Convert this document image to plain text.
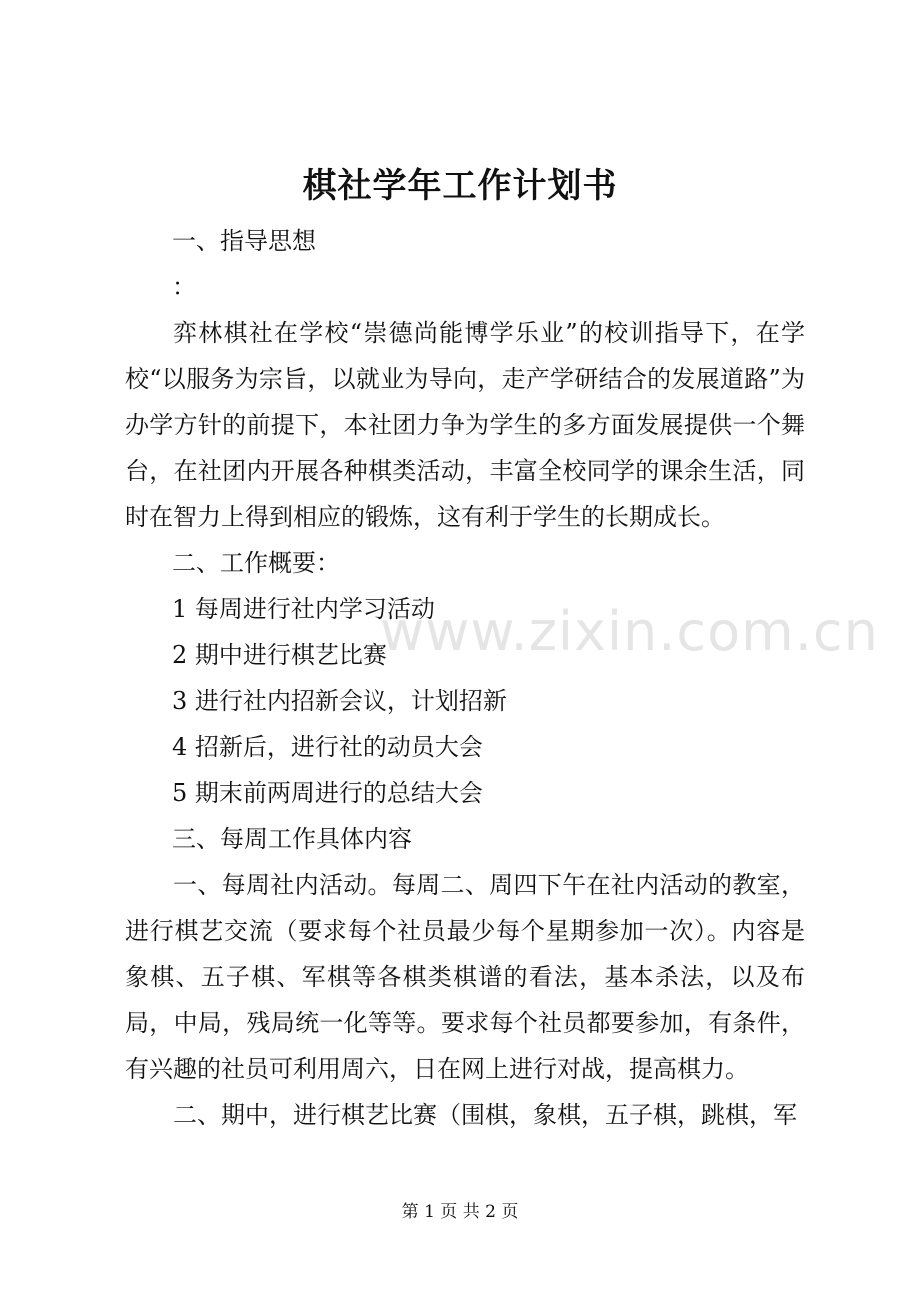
棋社学年工作计划书
一、指导思想
：

弈林棋社在学校“崇德尚能博学乐业”的校训指导下，在学校“以服务为宗旨，以就业为导向，走产学研结合的发展道路”为办学方针的前提下，本社团力争为学生的多方面发展提供一个舞台，在社团内开展各种棋类活动，丰富全校同学的课余生活，同时在智力上得到相应的锻炼，这有利于学生的长期成长。

二、工作概要：
1 每周进行社内学习活动
2 期中进行棋艺比赛
3 进行社内招新会议，计划招新
4 招新后，进行社的动员大会
5 期末前两周进行的总结大会
三、每周工作具体内容

一、每周社内活动。每周二、周四下午在社内活动的教室，进行棋艺交流（要求每个社员最少每个星期参加一次）。内容是象棋、五子棋、军棋等各棋类棋谱的看法，基本杀法，以及布局，中局，残局统一化等等。要求每个社员都要参加，有条件，有兴趣的社员可利用周六，日在网上进行对战，提高棋力。

二、期中，进行棋艺比赛（围棋，象棋，五子棋，跳棋，军

www.zixin.com.cn
第 1 页 共 2 页
